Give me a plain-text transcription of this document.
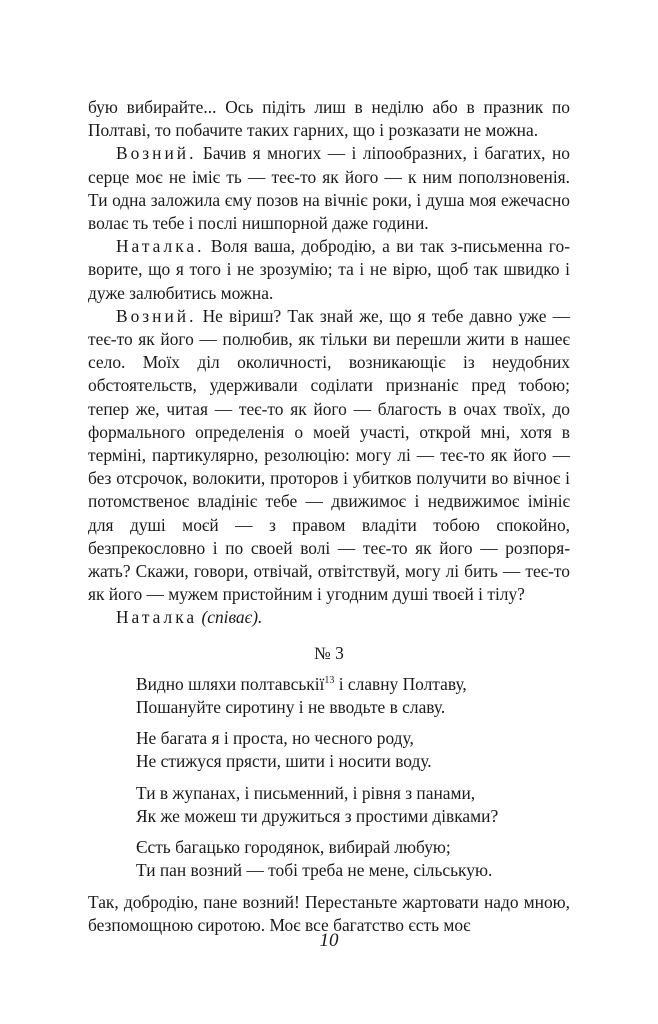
бую вибирайте... Ось підіть лиш в неділю або в празник по Полтаві, то побачите таких гарних, що і розказати не можна.

Возний. Бачив я многих — і ліпообразних, і багатих, но серце моє не іміє ть — теє-то як його — к ним поползновенія. Ти одна заложила єму позов на вічніє роки, і душа моя ежечасно волає ть тебе і послі нишпорной даже години.

Наталка. Воля ваша, добродію, а ви так з-письменна говорите, що я того і не зрозумію; та і не вірю, щоб так швидко і дуже залюбитись можна.

Возний. Не віриш? Так знай же, що я тебе давно уже — теє-то як його — полюбив, як тільки ви перешли жити в нашеє село. Моїх діл околичності, возникающіє із неудобних обстоятельств, удерживали соділати признаніє пред тобою; тепер же, читая — теє-то як його — благость в очах твоїх, до формального определенія о моей участі, открой мні, хотя в терміні, партикулярно, резолюцію: могу лі — теє-то як його — без отсрочок, волокити, проторов і убитков получити во вічноє і потомственоє владініє тебе — движимоє і недвижимоє імініє для душі моєй — з правом владіти тобою спокойно, безпрекословно і по своей волі — теє-то як його — розпоряжать? Скажи, говори, отвічай, отвітствуй, могу лі бить — теє-то як його — мужем пристойним і угодним душі твоєй і тілу?

Наталка (співає).

№ 3

Видно шляхи полтавськії$^{13}$ і славну Полтаву,
Пошануйте сиротину і не вводьте в славу.
Не багата я і проста, но чесного роду,
Не стижуся прясти, шити і носити воду.
Ти в жупанах, і письменний, і рівня з панами,
Як же можеш ти дружиться з простими дівками?
Єсть багацько городянок, вибирай любую;
Ти пан возний — тобі треба не мене, сільськую.

Так, добродію, пане возний! Перестаньте жартовати надо мною, безпомощною сиротою. Моє все багатство єсть моє

10
